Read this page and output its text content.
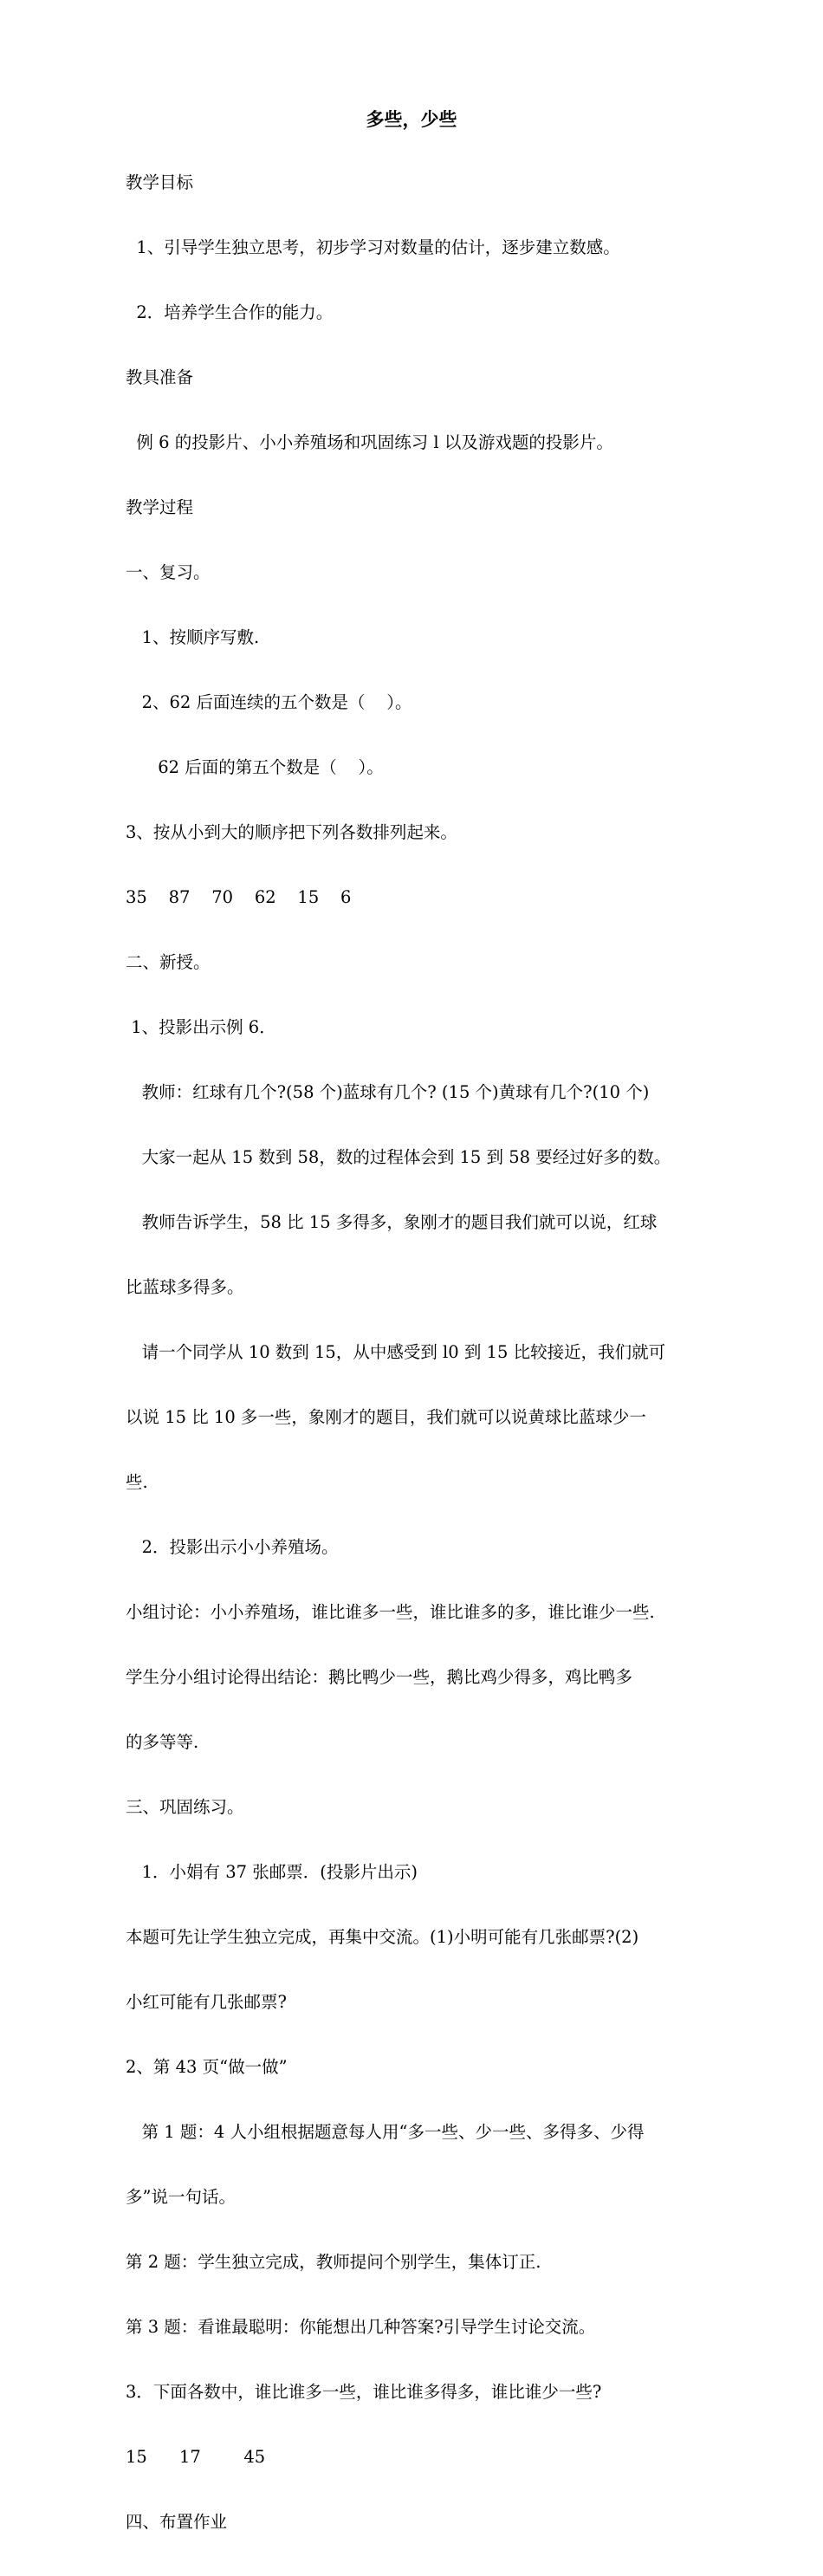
多些，少些

教学目标

1、引导学生独立思考，初步学习对数量的估计，逐步建立数感。

2．培养学生合作的能力。

教具准备

例 6 的投影片、小小养殖场和巩固练习 l 以及游戏题的投影片。

教学过程

一、复习。

1、按顺序写敷.

2、62 后面连续的五个数是（    ）。

62 后面的第五个数是（    ）。

3、按从小到大的顺序把下列各数排列起来。

35    87    70    62    15    6

二、新授。

1、投影出示例 6．

教师：红球有几个?(58 个)蓝球有几个? (15 个)黄球有几个?(10 个)

大家一起从 15 数到 58，数的过程体会到 15 到 58 要经过好多的数。

教师告诉学生，58 比 15 多得多，象刚才的题目我们就可以说，红球

比蓝球多得多。

请一个同学从 10 数到 15，从中感受到 l0 到 15 比较接近，我们就可

以说 15 比 10 多一些，象刚才的题目，我们就可以说黄球比蓝球少一

些.

2．投影出示小小养殖场。

小组讨论：小小养殖场，谁比谁多一些，谁比谁多的多，谁比谁少一些.

学生分小组讨论得出结论：鹅比鸭少一些，鹅比鸡少得多，鸡比鸭多

的多等等.

三、巩固练习。

1．小娟有 37 张邮票．(投影片出示)

本题可先让学生独立完成，再集中交流。(1)小明可能有几张邮票?(2)

小红可能有几张邮票?

2、第 43 页“做一做”

第 1 题：4 人小组根据题意每人用“多一些、少一些、多得多、少得

多”说一句话。

第 2 题：学生独立完成，教师提问个别学生，集体订正.

第 3 题：看谁最聪明：你能想出几种答案?引导学生讨论交流。

3．下面各数中，谁比谁多一些，谁比谁多得多，谁比谁少一些?

15      17        45

四、布置作业
